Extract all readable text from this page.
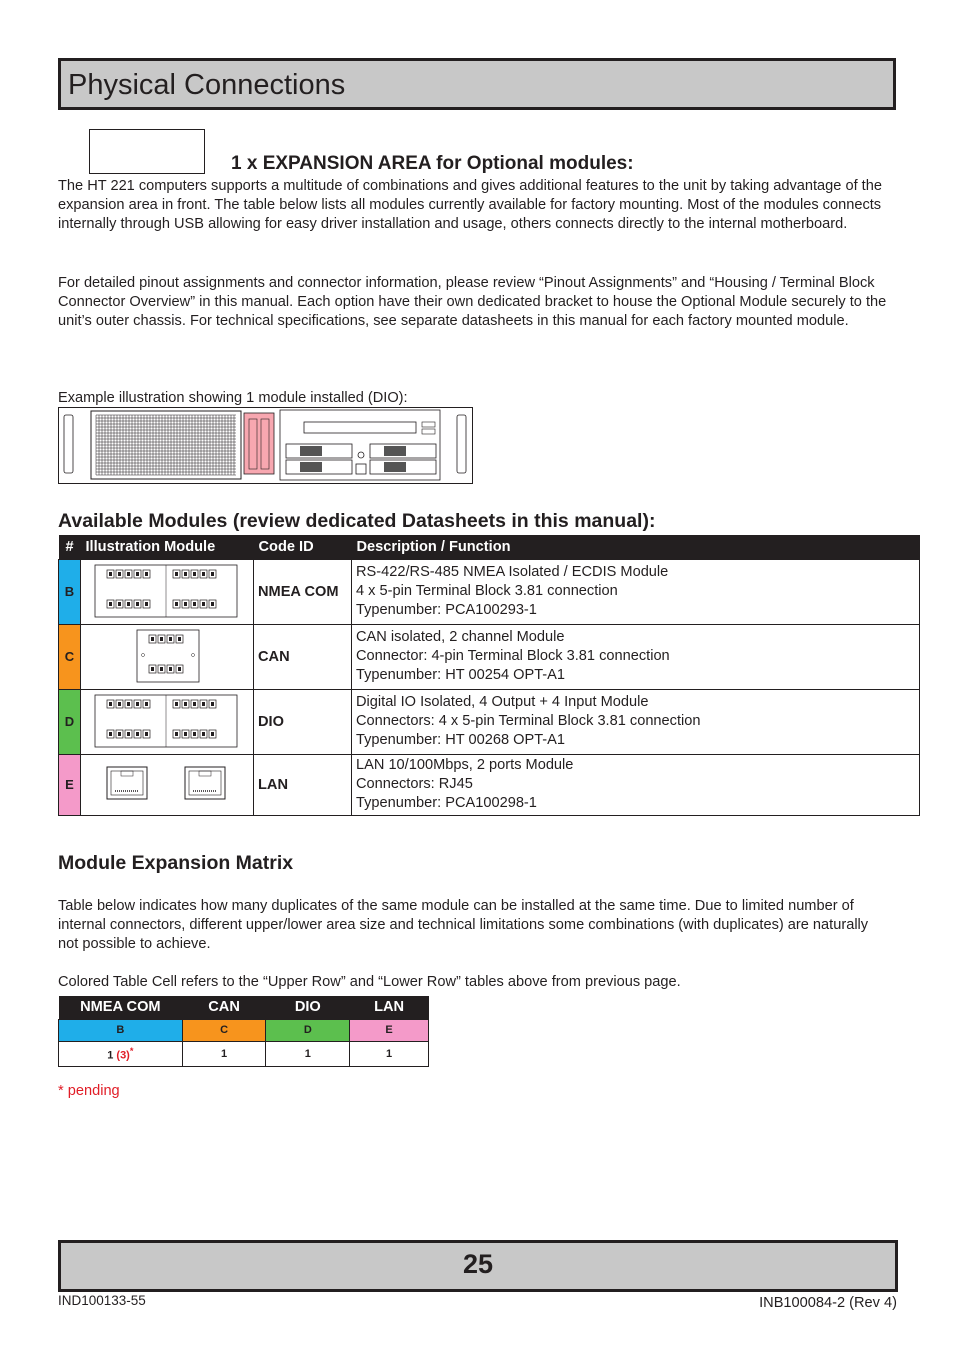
Physical Connections
1 x EXPANSION AREA for Optional modules:
The HT 221 computers supports a multitude of combinations and gives additional features to the unit by taking advantage of the expansion area in front. The table below lists all modules currently available for factory mounting. Most of the modules connects internally through USB allowing for easy driver installation and usage, others connects directly to the internal motherboard.
For detailed pinout assignments and connector information, please review “Pinout Assignments” and “Housing / Terminal Block Connector Overview” in this manual. Each option have their own dedicated bracket to house the Optional Module securely to the unit’s outer chassis. For technical specifications, see separate datasheets in this manual for each factory mounted module.
Example illustration showing 1 module installed (DIO):
Available Modules (review dedicated Datasheets in this manual):
#	Illustration Module	Code ID	Description / Function
B		NMEA COM	RS-422/RS-485 NMEA Isolated / ECDIS Module
4 x 5-pin Terminal Block 3.81 connection
Typenumber: PCA100293-1

C		CAN	CAN isolated, 2 channel Module
Connector: 4-pin Terminal Block 3.81 connection
Typenumber: HT 00254 OPT-A1

D		DIO	Digital IO Isolated, 4 Output + 4 Input Module
Connectors: 4 x 5-pin Terminal Block 3.81 connection
Typenumber: HT 00268 OPT-A1

E		LAN	LAN 10/100Mbps, 2 ports Module
Connectors: RJ45
Typenumber: PCA100298-1
Module Expansion Matrix
Table below indicates how many duplicates of the same module can be installed at the same time. Due to limited number of internal connectors, different upper/lower area size and technical limitations some combinations (with duplicates) are naturally not possible to achieve.
Colored Table Cell refers to the “Upper Row” and “Lower Row” tables above from previous page.
NMEA COM	CAN	DIO	LAN
B	C	D	E
1 (3)*	1	1	1
* pending
25
IND100133-55	INB100084-2 (Rev 4)
